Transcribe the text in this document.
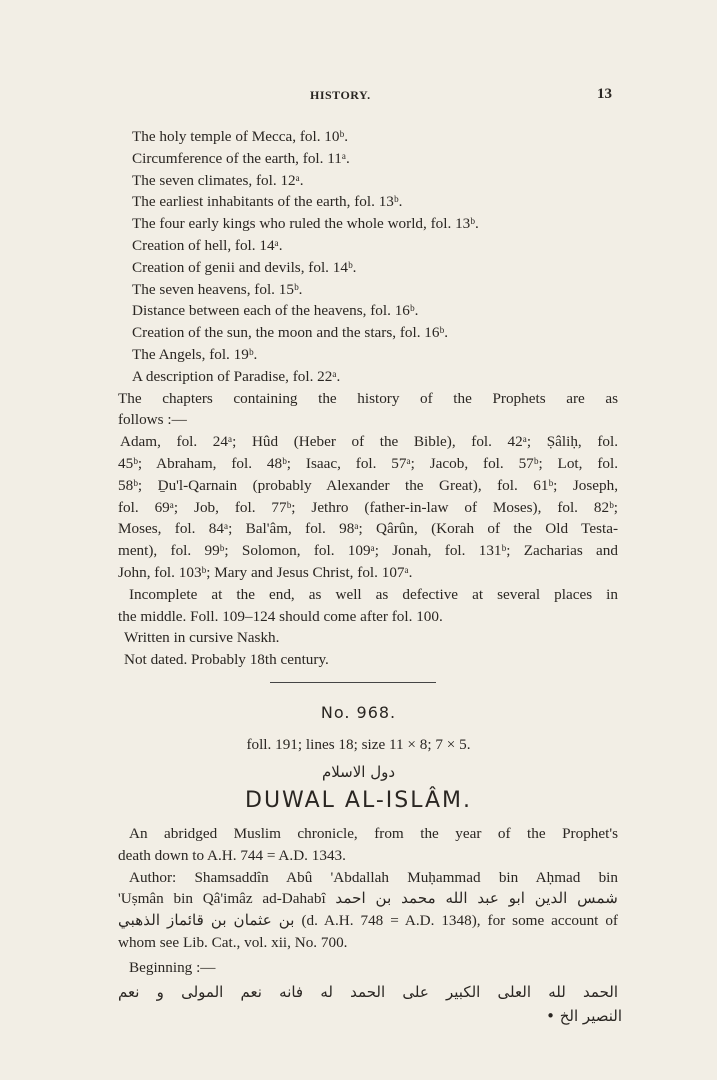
HISTORY.	13
The holy temple of Mecca, fol. 10ᵇ.
Circumference of the earth, fol. 11ᵃ.
The seven climates, fol. 12ᵃ.
The earliest inhabitants of the earth, fol. 13ᵇ.
The four early kings who ruled the whole world, fol. 13ᵇ.
Creation of hell, fol. 14ᵃ.
Creation of genii and devils, fol. 14ᵇ.
The seven heavens, fol. 15ᵇ.
Distance between each of the heavens, fol. 16ᵇ.
Creation of the sun, the moon and the stars, fol. 16ᵇ.
The Angels, fol. 19ᵇ.
A description of Paradise, fol. 22ᵃ.
The chapters containing the history of the Prophets are as
follows :—
Adam, fol. 24ᵃ; Hûd (Heber of the Bible), fol. 42ᵃ; Ṣâliḥ, fol.
45ᵇ; Abraham, fol. 48ᵇ; Isaac, fol. 57ᵃ; Jacob, fol. 57ᵇ; Lot, fol.
58ᵇ; Ḏu'l-Qarnain (probably Alexander the Great), fol. 61ᵇ; Joseph,
fol. 69ᵃ; Job, fol. 77ᵇ; Jethro (father-in-law of Moses), fol. 82ᵇ;
Moses, fol. 84ᵃ; Bal'âm, fol. 98ᵃ; Qârûn, (Korah of the Old Testa-
ment), fol. 99ᵇ; Solomon, fol. 109ᵃ; Jonah, fol. 131ᵇ; Zacharias and
John, fol. 103ᵇ; Mary and Jesus Christ, fol. 107ᵃ.
Incomplete at the end, as well as defective at several places in
the middle. Foll. 109–124 should come after fol. 100.
Written in cursive Naskh.
Not dated. Probably 18th century.
No. 968.
foll. 191; lines 18; size 11 × 8; 7 × 5.
دول الاسلام
DUWAL AL-ISLÂM.
An abridged Muslim chronicle, from the year of the Prophet's
death down to A.H. 744 = A.D. 1343.
Author: Shamsaddîn Abû 'Abdallah Muḥammad bin Aḥmad bin
'Uṣmân bin Qâ'imâz ad-Dahabî شمس الدين ابو عبد الله محمد بن احمد
بن عثمان بن قائماز الذهبي (d. A.H. 748 = A.D. 1348), for some account of
whom see Lib. Cat., vol. xii, No. 700.
Beginning :—
الحمد لله العلى الكبير على الحمد له فانه نعم المولى و نعم
النصير الخ •
